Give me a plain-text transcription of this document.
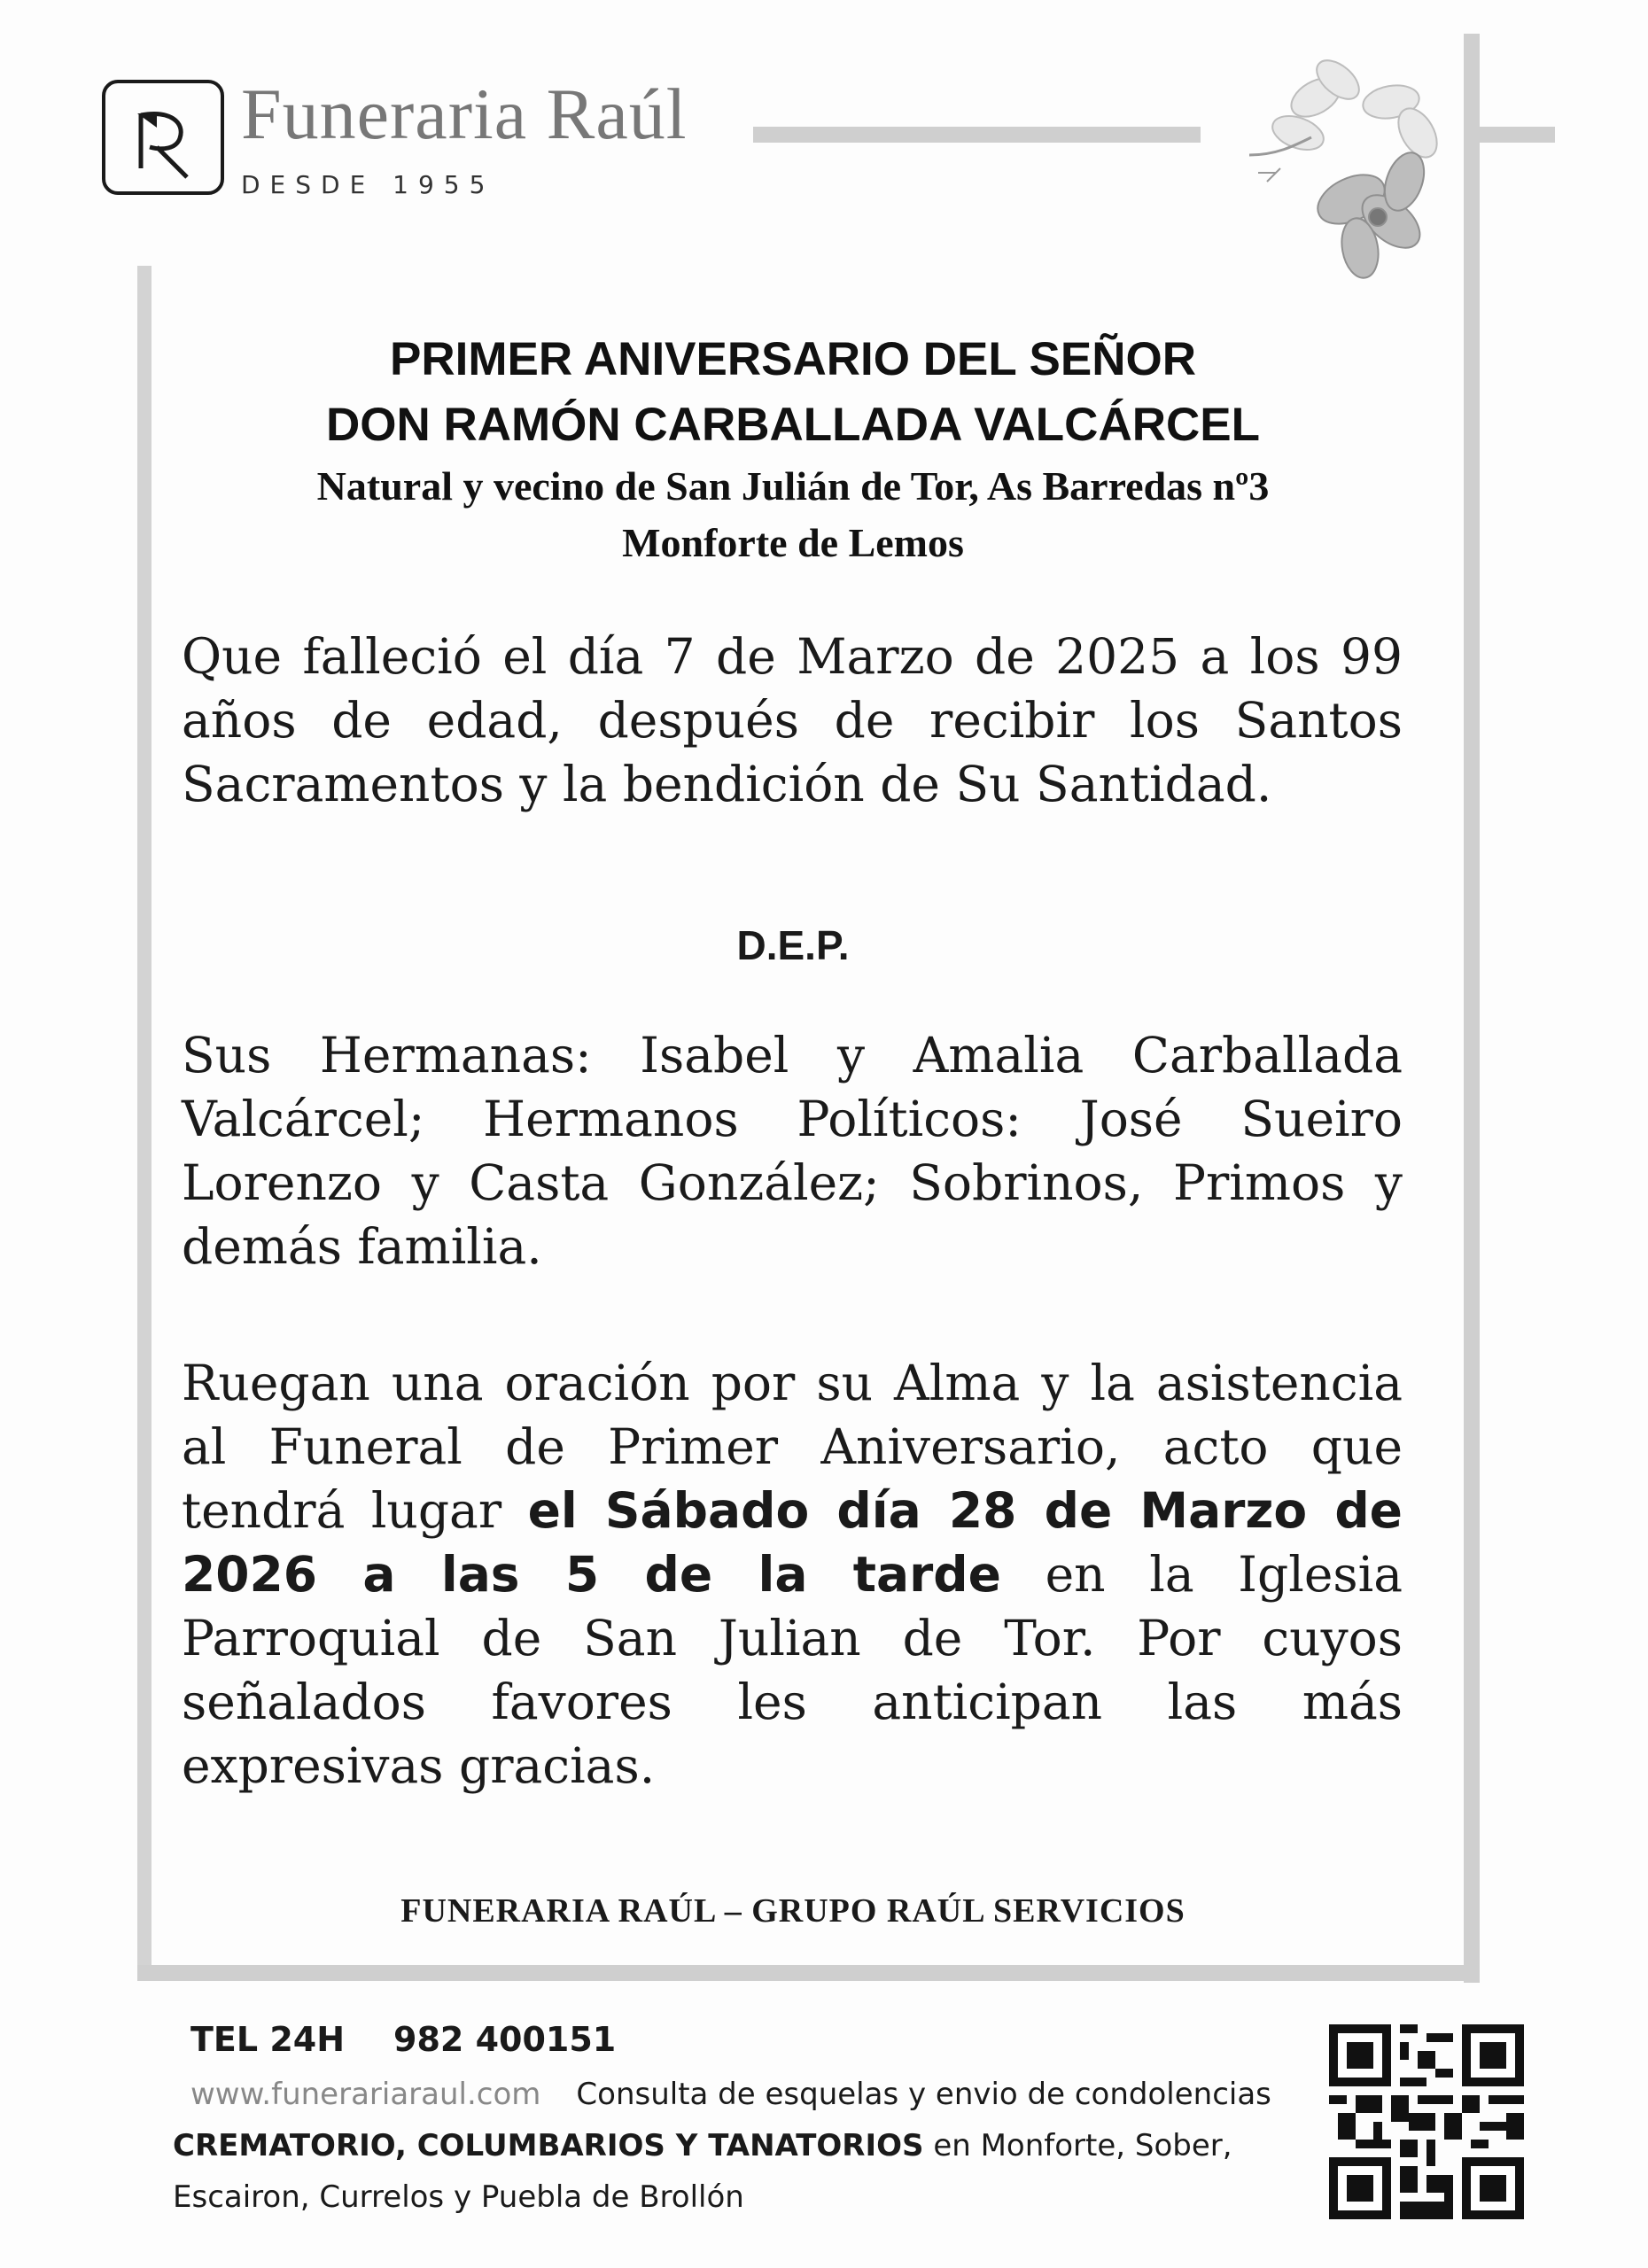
Funeraria Raúl
DESDE 1955
PRIMER ANIVERSARIO DEL SEÑOR
DON RAMÓN CARBALLADA VALCÁRCEL
Natural y vecino de San Julián de Tor, As Barredas nº3
Monforte de Lemos
Que falleció el día 7 de Marzo de 2025 a los 99 años de edad, después de recibir los Santos Sacramentos y la bendición de Su Santidad.
D.E.P.
Sus Hermanas: Isabel y Amalia Carballada Valcárcel; Hermanos Políticos: José Sueiro Lorenzo y Casta González; Sobrinos, Primos y demás familia.
Ruegan una oración por su Alma y la asistencia al Funeral de Primer Aniversario, acto que tendrá lugar el Sábado día 28 de Marzo de 2026 a las 5 de la tarde en la Iglesia Parroquial de San Julian de Tor. Por cuyos señalados favores les anticipan las más expresivas gracias.
FUNERARIA RAÚL – GRUPO RAÚL SERVICIOS
TEL 24H 982 400151
www.funerariaraul.com Consulta de esquelas y envio de condolencias CREMATORIO, COLUMBARIOS Y TANATORIOS en Monforte, Sober, Escairon, Currelos y Puebla de Brollón
